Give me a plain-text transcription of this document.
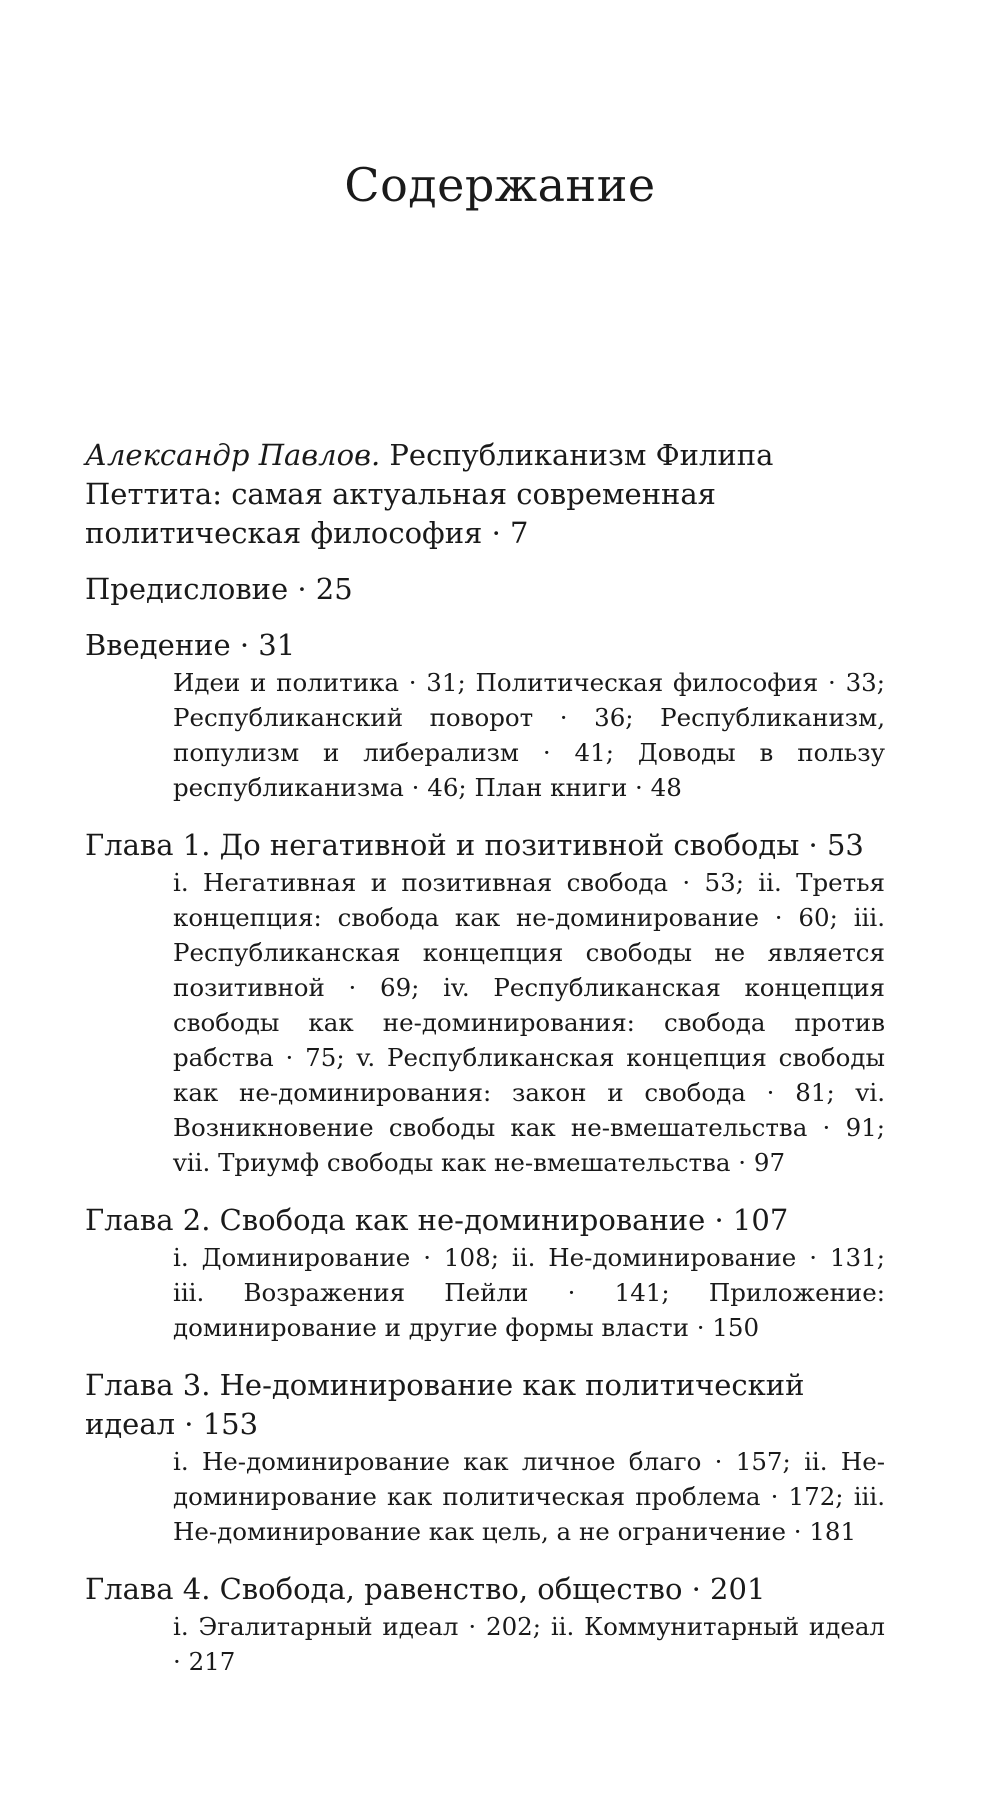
Содержание

Александр Павлов. Республиканизм Филипа Петтита: самая актуальная современная политическая философия · 7

Предисловие · 25

Введение · 31

Идеи и политика · 31; Политическая философия · 33; Республиканский поворот · 36; Республиканизм, популизм и либерализм · 41; Доводы в пользу республиканизма · 46; План книги · 48

Глава 1. До негативной и позитивной свободы · 53

i. Негативная и позитивная свобода · 53; ii. Третья концепция: свобода как не-доминирование · 60; iii. Республиканская концепция свободы не является позитивной · 69; iv. Республиканская концепция свободы как не-доминирования: свобода против рабства · 75; v. Республиканская концепция свободы как не-доминирования: закон и свобода · 81; vi. Возникновение свободы как не-вмешательства · 91; vii. Триумф свободы как не-вмешательства · 97

Глава 2. Свобода как не-доминирование · 107

i. Доминирование · 108; ii. Не-доминирование · 131; iii. Возражения Пейли · 141; Приложение: доминирование и другие формы власти · 150

Глава 3. Не-доминирование как политический идеал · 153

i. Не-доминирование как личное благо · 157; ii. Не-доминирование как политическая проблема · 172; iii. Не-доминирование как цель, а не ограничение · 181

Глава 4. Свобода, равенство, общество · 201

i. Эгалитарный идеал · 202; ii. Коммунитарный идеал · 217
